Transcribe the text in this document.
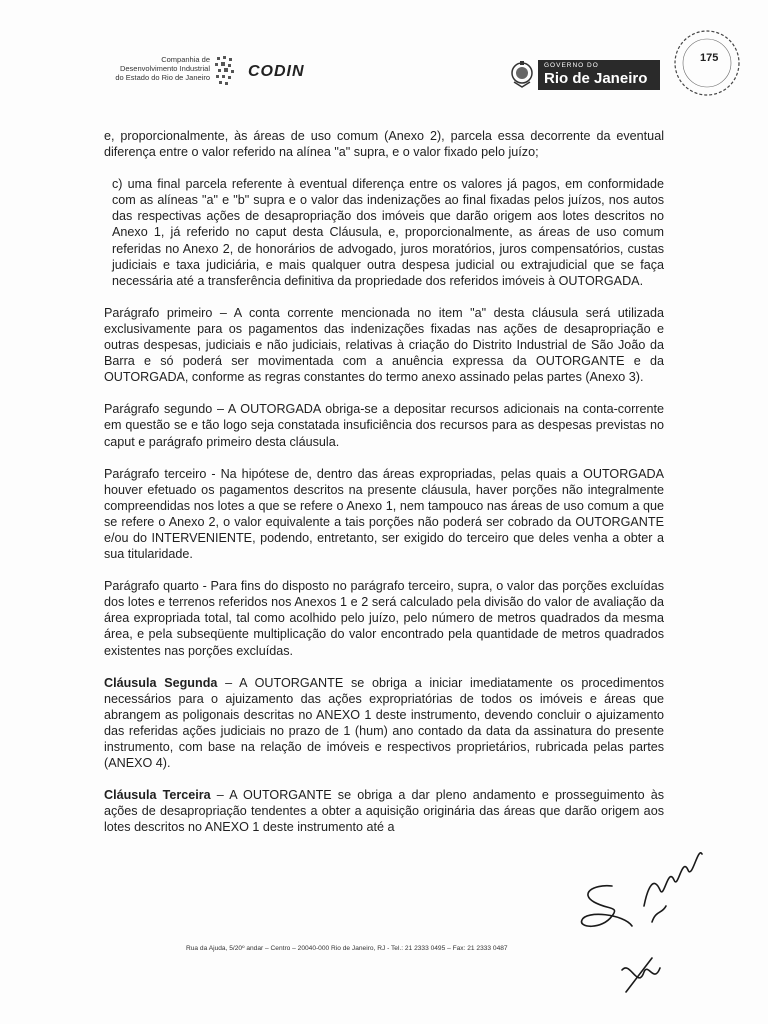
Companhia de
Desenvolvimento Industrial
do Estado do Rio de Janeiro CODIN	GOVERNO DO
Rio de Janeiro
175

e, proporcionalmente, às áreas de uso comum (Anexo 2), parcela essa decorrente da eventual diferença entre o valor referido na alínea "a" supra, e o valor fixado pelo juízo;

c) uma final parcela referente à eventual diferença entre os valores já pagos, em conformidade com as alíneas "a" e "b" supra e o valor das indenizações ao final fixadas pelos juízos, nos autos das respectivas ações de desapropriação dos imóveis que darão origem aos lotes descritos no Anexo 1, já referido no caput desta Cláusula, e, proporcionalmente, as áreas de uso comum referidas no Anexo 2, de honorários de advogado, juros moratórios, juros compensatórios, custas judiciais e taxa judiciária, e mais qualquer outra despesa judicial ou extrajudicial que se faça necessária até a transferência definitiva da propriedade dos referidos imóveis à OUTORGADA.

Parágrafo primeiro – A conta corrente mencionada no item "a" desta cláusula será utilizada exclusivamente para os pagamentos das indenizações fixadas nas ações de desapropriação e outras despesas, judiciais e não judiciais, relativas à criação do Distrito Industrial de São João da Barra e só poderá ser movimentada com a anuência expressa da OUTORGANTE e da OUTORGADA, conforme as regras constantes do termo anexo assinado pelas partes (Anexo 3).

Parágrafo segundo – A OUTORGADA obriga-se a depositar recursos adicionais na conta-corrente em questão se e tão logo seja constatada insuficiência dos recursos para as despesas previstas no caput e parágrafo primeiro desta cláusula.

Parágrafo terceiro - Na hipótese de, dentro das áreas expropriadas, pelas quais a OUTORGADA houver efetuado os pagamentos descritos na presente cláusula, haver porções não integralmente compreendidas nos lotes a que se refere o Anexo 1, nem tampouco nas áreas de uso comum a que se refere o Anexo 2, o valor equivalente a tais porções não poderá ser cobrado da OUTORGANTE e/ou do INTERVENIENTE, podendo, entretanto, ser exigido do terceiro que deles venha a obter a sua titularidade.

Parágrafo quarto - Para fins do disposto no parágrafo terceiro, supra, o valor das porções excluídas dos lotes e terrenos referidos nos Anexos 1 e 2 será calculado pela divisão do valor de avaliação da área expropriada total, tal como acolhido pelo juízo, pelo número de metros quadrados da mesma área, e pela subseqüente multiplicação do valor encontrado pela quantidade de metros quadrados existentes nas porções excluídas.

Cláusula Segunda – A OUTORGANTE se obriga a iniciar imediatamente os procedimentos necessários para o ajuizamento das ações expropriatórias de todos os imóveis e áreas que abrangem as poligonais descritas no ANEXO 1 deste instrumento, devendo concluir o ajuizamento das referidas ações judiciais no prazo de 1 (hum) ano contado da data da assinatura do presente instrumento, com base na relação de imóveis e respectivos proprietários, rubricada pelas partes (ANEXO 4).

Cláusula Terceira – A OUTORGANTE se obriga a dar pleno andamento e prosseguimento às ações de desapropriação tendentes a obter a aquisição originária das áreas que darão origem aos lotes descritos no ANEXO 1 deste instrumento até a

Rua da Ajuda, 5/20º andar – Centro – 20040-000 Rio de Janeiro, RJ - Tel.: 21 2333 0495 – Fax: 21 2333 0487
